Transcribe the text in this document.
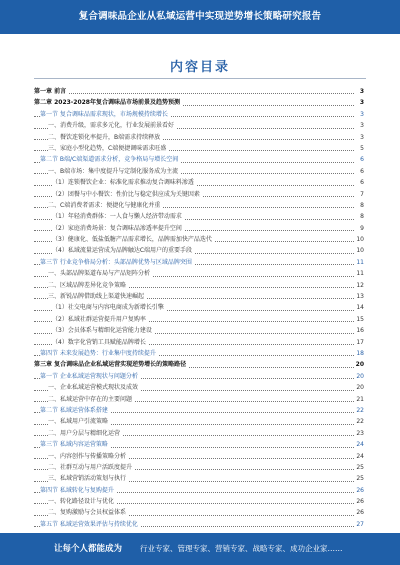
复合调味品企业从私域运营中实现逆势增长策略研究报告
内容目录
第一章 前言	3
第二章 2023-2028年复合调味品市场前景及趋势预测	3
第一节 复合调味品需求现状，市场规模持续增长	3
一、消费升级，需求多元化，行业发展前景看好	3
二、餐饮连锁化率提升，B端需求持续释放	3
三、家庭小型化趋势，C端便捷调味需求旺盛	5
第二节 B端/C端渠道需求分析，竞争格局与增长空间	6
一、B端市场：集中度提升与定制化服务成为主流	6
（1）连锁餐饮企业：标准化需求推动复合调味料渗透	6
（2）团餐与中小餐饮：性价比与稳定供应成为关键因素	7
二、C端消费者需求：便捷化与健康化并重	8
（1）年轻消费群体：一人食与懒人经济带动需求	8
（2）家庭消费场景：复合调味品渗透率提升空间	9
（3）健康化、低盐低糖产品需求增长，品牌需加快产品迭代	10
（4）私域流量运营成为品牌触达C端用户的重要手段	10
第三节 行业竞争格局分析：头部品牌优势与区域品牌突围	11
一、头部品牌渠道布局与产品矩阵分析	11
二、区域品牌差异化竞争策略	12
三、新锐品牌借助线上渠道快速崛起	13
（1）社交电商与内容电商成为新增长引擎	14
（2）私域社群运营提升用户复购率	15
（3）会员体系与精细化运营能力建设	16
（4）数字化营销工具赋能品牌增长	17
第四节 未来发展趋势：行业集中度持续提升	18
第三章 复合调味品企业私域运营实现逆势增长的策略路径	20
第一节 企业私域运营现状与问题分析	20
一、企业私域运营模式现状及成效	20
二、私域运营中存在的主要问题	21
第二节 私域运营体系搭建	22
一、私域用户引流策略	22
二、用户分层与精细化运营	23
第三节 私域内容运营策略	24
一、内容创作与传播策略分析	24
二、社群互动与用户活跃度提升	25
三、私域营销活动策划与执行	25
第四节 私域转化与复购提升	26
一、转化路径设计与优化	26
二、复购激励与会员权益体系	26
第五节 私域运营效果评估与持续优化	27
让每个人都能成为 行业专家、管理专家、营销专家、战略专家、成功企业家……
